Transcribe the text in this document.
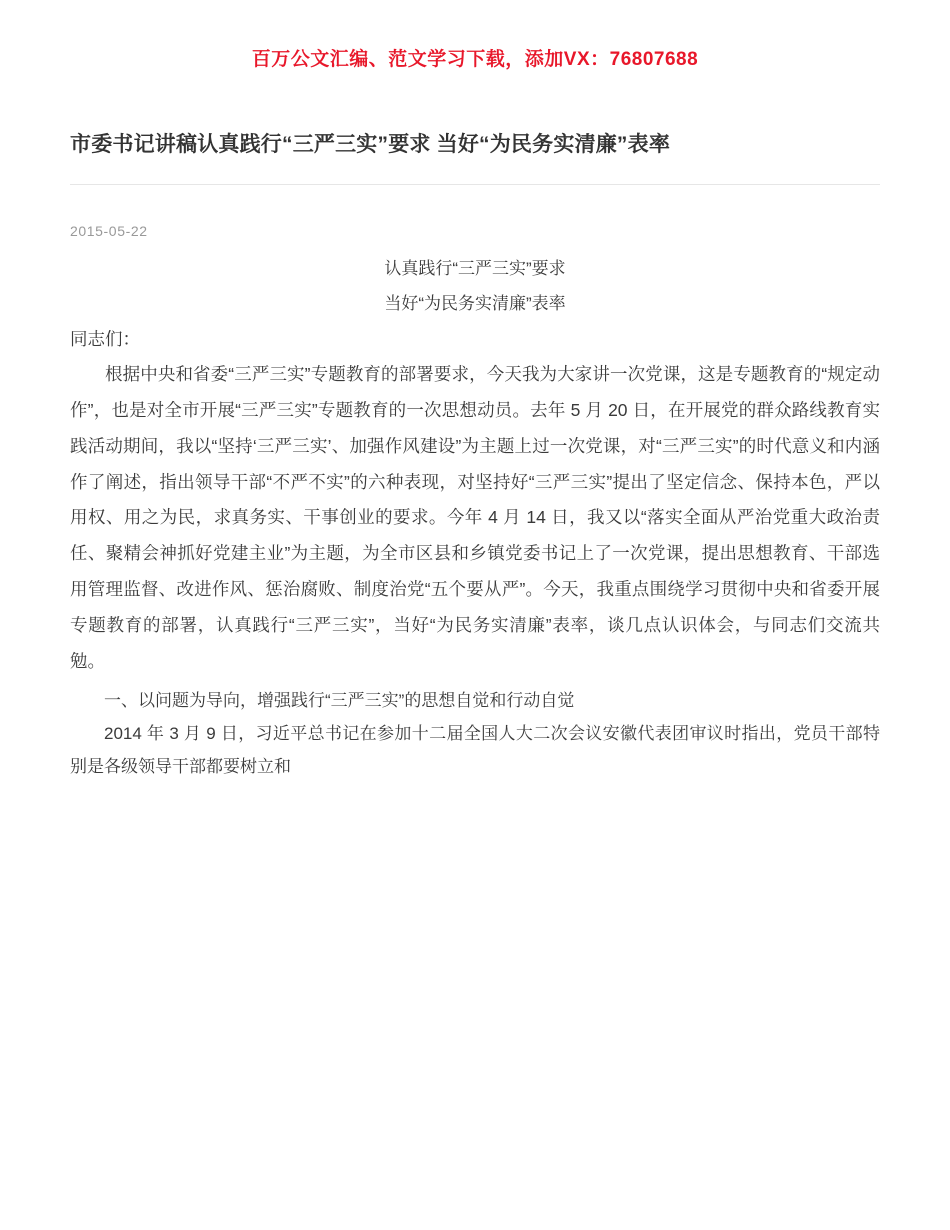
百万公文汇编、范文学习下载，添加VX：76807688
市委书记讲稿认真践行“三严三实”要求 当好“为民务实清廉”表率
2015-05-22
认真践行“三严三实”要求
当好“为民务实清廉”表率
同志们：

根据中央和省委“三严三实”专题教育的部署要求，今天我为大家讲一次党课，这是专题教育的“规定动作”，也是对全市开展“三严三实”专题教育的一次思想动员。去年 5 月 20 日，在开展党的群众路线教育实践活动期间，我以“坚持‘三严三实’、加强作风建设”为主题上过一次党课，对“三严三实”的时代意义和内涵作了阐述，指出领导干部“不严不实”的六种表现，对坚持好“三严三实”提出了坚定信念、保持本色，严以用权、用之为民，求真务实、干事创业的要求。今年 4 月 14 日，我又以“落实全面从严治党重大政治责任、聚精会神抓好党建主业”为主题，为全市区县和乡镇党委书记上了一次党课，提出思想教育、干部选用管理监督、改进作风、惩治腐败、制度治党“五个要从严”。今天，我重点围绕学习贯彻中央和省委开展专题教育的部署，认真践行“三严三实”，当好“为民务实清廉”表率，谈几点认识体会，与同志们交流共勉。

一、以问题为导向，增强践行“三严三实”的思想自觉和行动自觉

2014 年 3 月 9 日，习近平总书记在参加十二届全国人大二次会议安徽代表团审议时指出，党员干部特别是各级领导干部都要树立和
